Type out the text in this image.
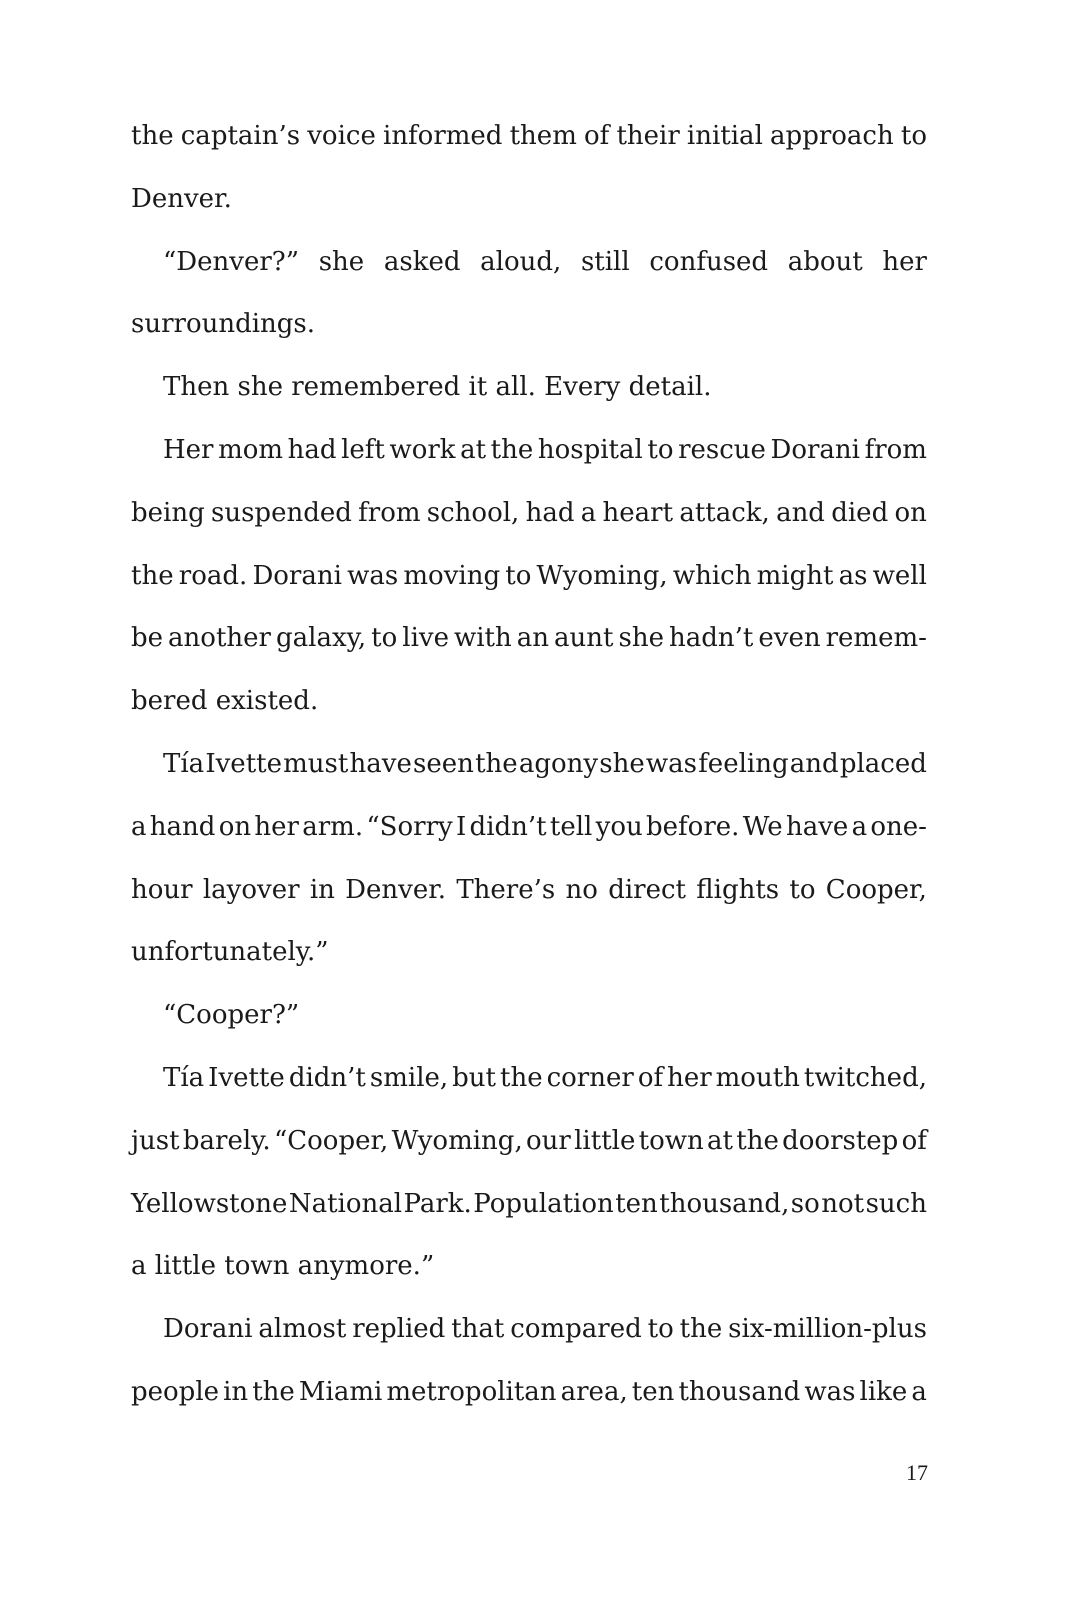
the captain’s voice informed them of their initial approach to
Denver.
“Denver?” she asked aloud, still confused about her
surroundings.
Then she remembered it all. Every detail.
Her mom had left work at the hospital to rescue Dorani from
being suspended from school, had a heart attack, and died on
the road. Dorani was moving to Wyoming, which might as well
be another galaxy, to live with an aunt she hadn’t even remem-
bered existed.
Tía Ivette must have seen the agony she was feeling and placed
a hand on her arm. “Sorry I didn’t tell you before. We have a one-
hour layover in Denver. There’s no direct flights to Cooper,
unfortunately.”
“Cooper?”
Tía Ivette didn’t smile, but the corner of her mouth twitched,
just barely. “Cooper, Wyoming, our little town at the doorstep of
Yellowstone National Park. Population ten thousand, so not such
a little town anymore.”
Dorani almost replied that compared to the six-million-plus
people in the Miami metropolitan area, ten thousand was like a
17
